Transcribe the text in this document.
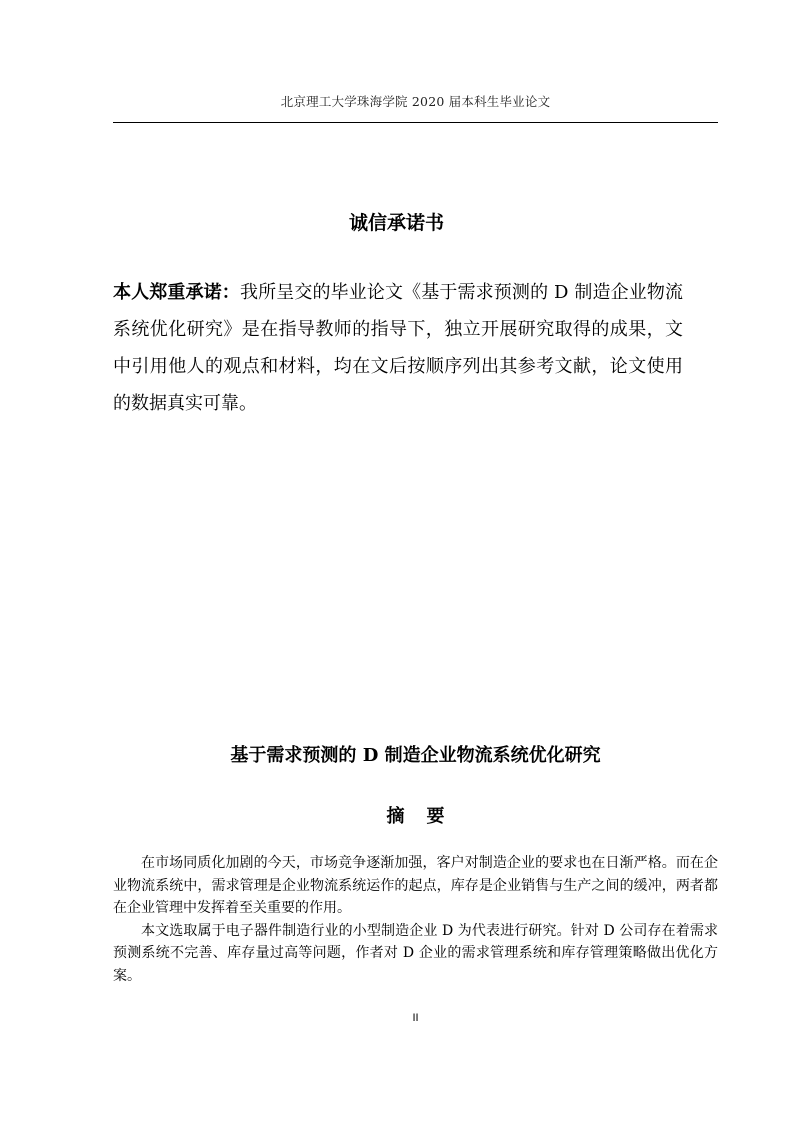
北京理工大学珠海学院 2020 届本科生毕业论文
诚信承诺书

本人郑重承诺：我所呈交的毕业论文《基于需求预测的 D 制造企业物流系统优化研究》是在指导教师的指导下，独立开展研究取得的成果，文中引用他人的观点和材料，均在文后按顺序列出其参考文献，论文使用的数据真实可靠。

基于需求预测的 D 制造企业物流系统优化研究
摘要

在市场同质化加剧的今天，市场竞争逐渐加强，客户对制造企业的要求也在日渐严格。而在企业物流系统中，需求管理是企业物流系统运作的起点，库存是企业销售与生产之间的缓冲，两者都在企业管理中发挥着至关重要的作用。

本文选取属于电子器件制造行业的小型制造企业 D 为代表进行研究。针对 D 公司存在着需求预测系统不完善、库存量过高等问题，作者对 D 企业的需求管理系统和库存管理策略做出优化方案。

II
